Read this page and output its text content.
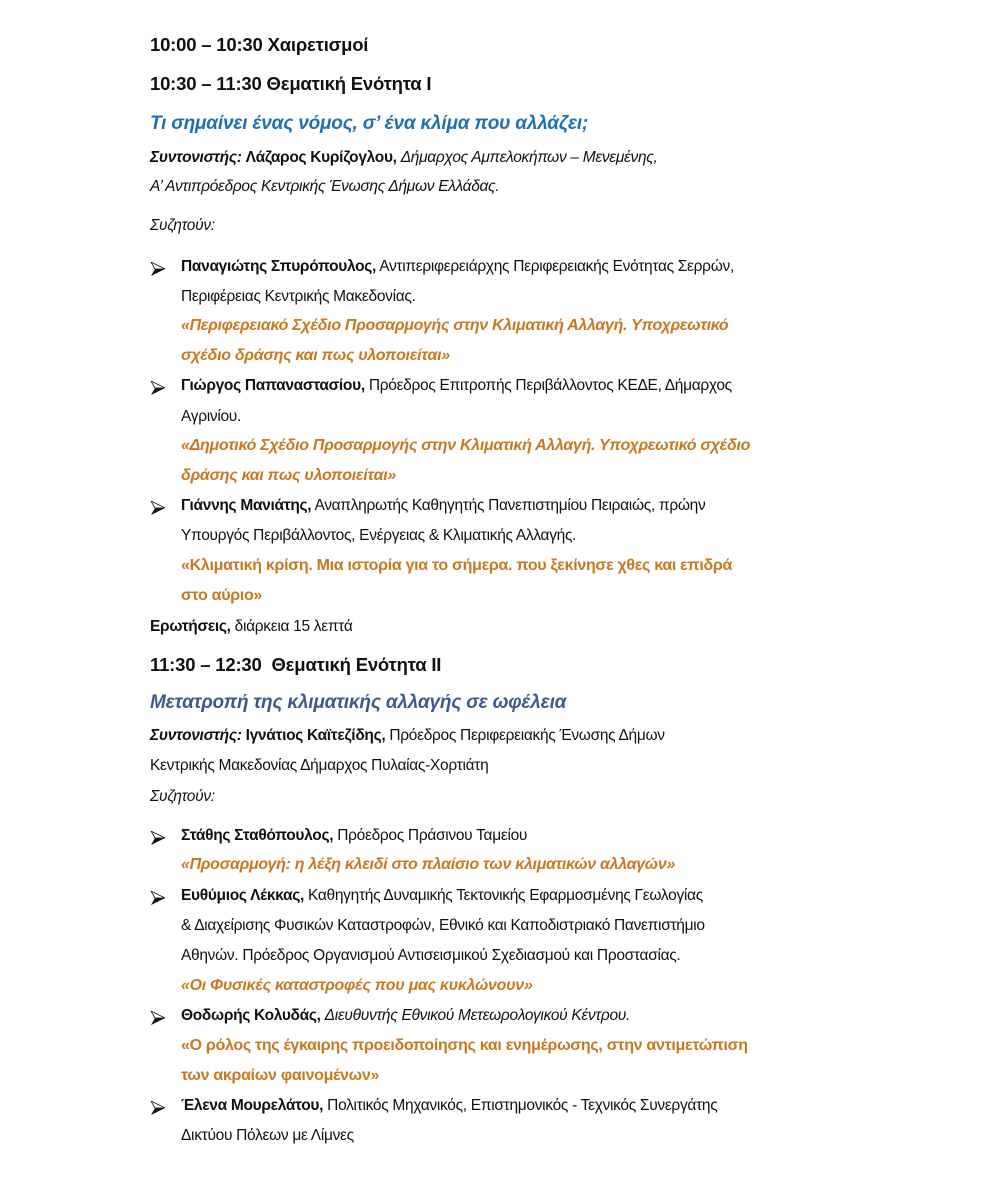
10:00 – 10:30 Χαιρετισμοί
10:30 – 11:30 Θεματική Ενότητα Ι
Τι σημαίνει ένας νόμος, σ’ ένα κλίμα που αλλάζει;
Συντονιστής: Λάζαρος Κυρίζογλου, Δήμαρχος Αμπελοκήπων – Μενεμένης,
Α’ Αντιπρόεδρος Κεντρικής Ένωσης Δήμων Ελλάδας.
Συζητούν:
Παναγιώτης Σπυρόπουλος, Αντιπεριφερειάρχης Περιφερειακής Ενότητας Σερρών,
Περιφέρειας Κεντρικής Μακεδονίας.
«Περιφερειακό Σχέδιο Προσαρμογής στην Κλιματική Αλλαγή. Υποχρεωτικό
σχέδιο δράσης και πως υλοποιείται»
Γιώργος Παπαναστασίου, Πρόεδρος Επιτροπής Περιβάλλοντος ΚΕΔΕ, Δήμαρχος
Αγρινίου.
«Δημοτικό Σχέδιο Προσαρμογής στην Κλιματική Αλλαγή. Υποχρεωτικό σχέδιο
δράσης και πως υλοποιείται»
Γιάννης Μανιάτης, Αναπληρωτής Καθηγητής Πανεπιστημίου Πειραιώς, πρώην
Υπουργός Περιβάλλοντος, Ενέργειας & Κλιματικής Αλλαγής.
«Κλιματική κρίση. Μια ιστορία για το σήμερα. που ξεκίνησε χθες και επιδρά
στο αύριο»
Ερωτήσεις, διάρκεια 15 λεπτά
11:30 – 12:30 Θεματική Ενότητα ΙΙ
Μετατροπή της κλιματικής αλλαγής σε ωφέλεια
Συντονιστής: Ιγνάτιος Καϊτεζίδης, Πρόεδρος Περιφερειακής Ένωσης Δήμων
Κεντρικής Μακεδονίας Δήμαρχος Πυλαίας-Χορτιάτη
Συζητούν:
Στάθης Σταθόπουλος, Πρόεδρος Πράσινου Ταμείου
«Προσαρμογή: η λέξη κλειδί στο πλαίσιο των κλιματικών αλλαγών»
Ευθύμιος Λέκκας, Καθηγητής Δυναμικής Τεκτονικής Εφαρμοσμένης Γεωλογίας
& Διαχείρισης Φυσικών Καταστροφών, Εθνικό και Καποδιστριακό Πανεπιστήμιο
Αθηνών. Πρόεδρος Οργανισμού Αντισεισμικού Σχεδιασμού και Προστασίας.
«Οι Φυσικές καταστροφές που μας κυκλώνουν»
Θοδωρής Κολυδάς, Διευθυντής Εθνικού Μετεωρολογικού Κέντρου.
«Ο ρόλος της έγκαιρης προειδοποίησης και ενημέρωσης, στην αντιμετώπιση
των ακραίων φαινομένων»
Έλενα Μουρελάτου, Πολιτικός Μηχανικός, Επιστημονικός - Τεχνικός Συνεργάτης
Δικτύου Πόλεων με Λίμνες
